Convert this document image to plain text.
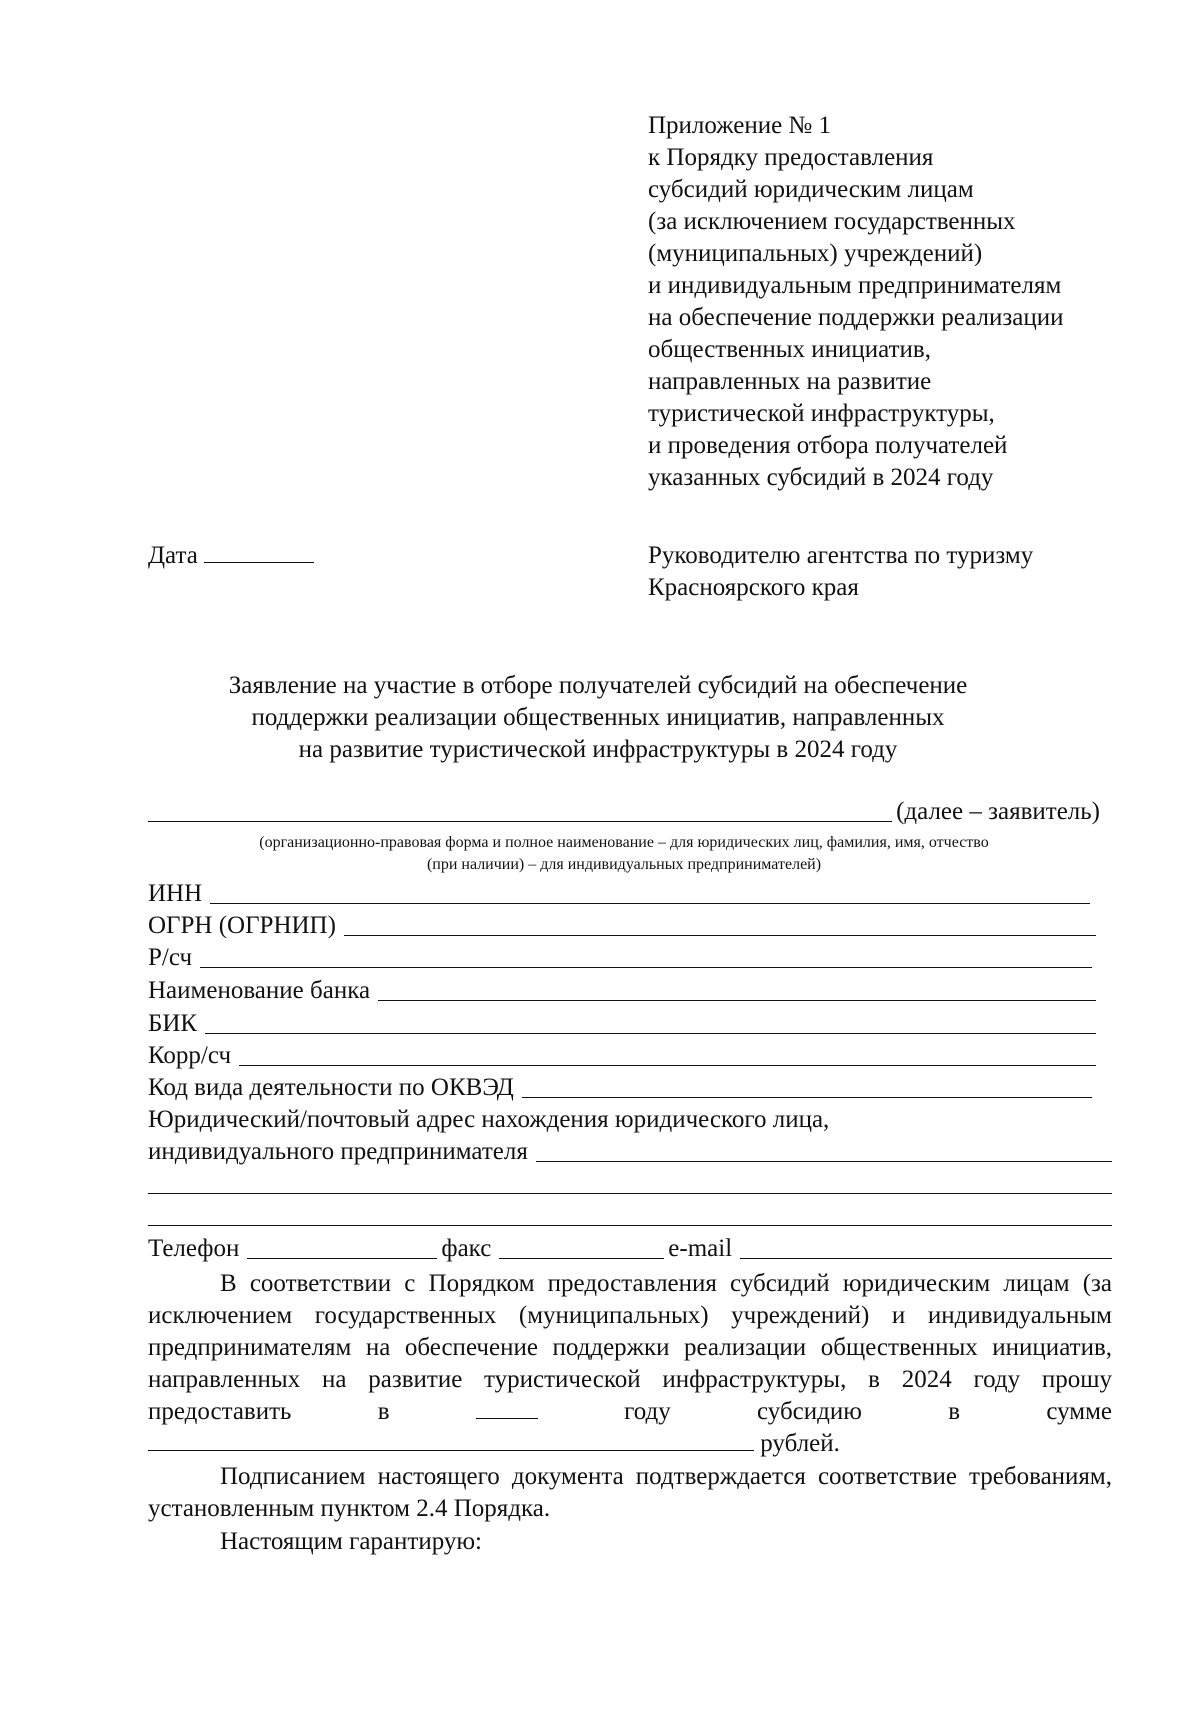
Приложение № 1
к Порядку предоставления
субсидий юридическим лицам
(за исключением государственных
(муниципальных) учреждений)
и индивидуальным предпринимателям
на обеспечение поддержки реализации
общественных инициатив,
направленных на развитие
туристической инфраструктуры,
и проведения отбора получателей
указанных субсидий в 2024 году
Дата	Руководителю агентства по туризму
Красноярского края
Заявление на участие в отборе получателей субсидий на обеспечение
поддержки реализации общественных инициатив, направленных
на развитие туристической инфраструктуры в 2024 году
(далее – заявитель)
(организационно-правовая форма и полное наименование – для юридических лиц, фамилия, имя, отчество
(при наличии) – для индивидуальных предпринимателей)
ИНН
ОГРН (ОГРНИП)
Р/сч
Наименование банка
БИК
Корр/сч
Код вида деятельности по ОКВЭД
Юридический/почтовый адрес нахождения юридического лица,
индивидуального предпринимателя
Телефон	факс	e-mail
В соответствии с Порядком предоставления субсидий юридическим лицам (за исключением государственных (муниципальных) учреждений) и индивидуальным предпринимателям на обеспечение поддержки реализации общественных инициатив, направленных на развитие туристической инфраструктуры, в 2024 году прошу предоставить в	году субсидию в сумме  рублей.
Подписанием настоящего документа подтверждается соответствие требованиям, установленным пунктом 2.4 Порядка.
Настоящим гарантирую:
